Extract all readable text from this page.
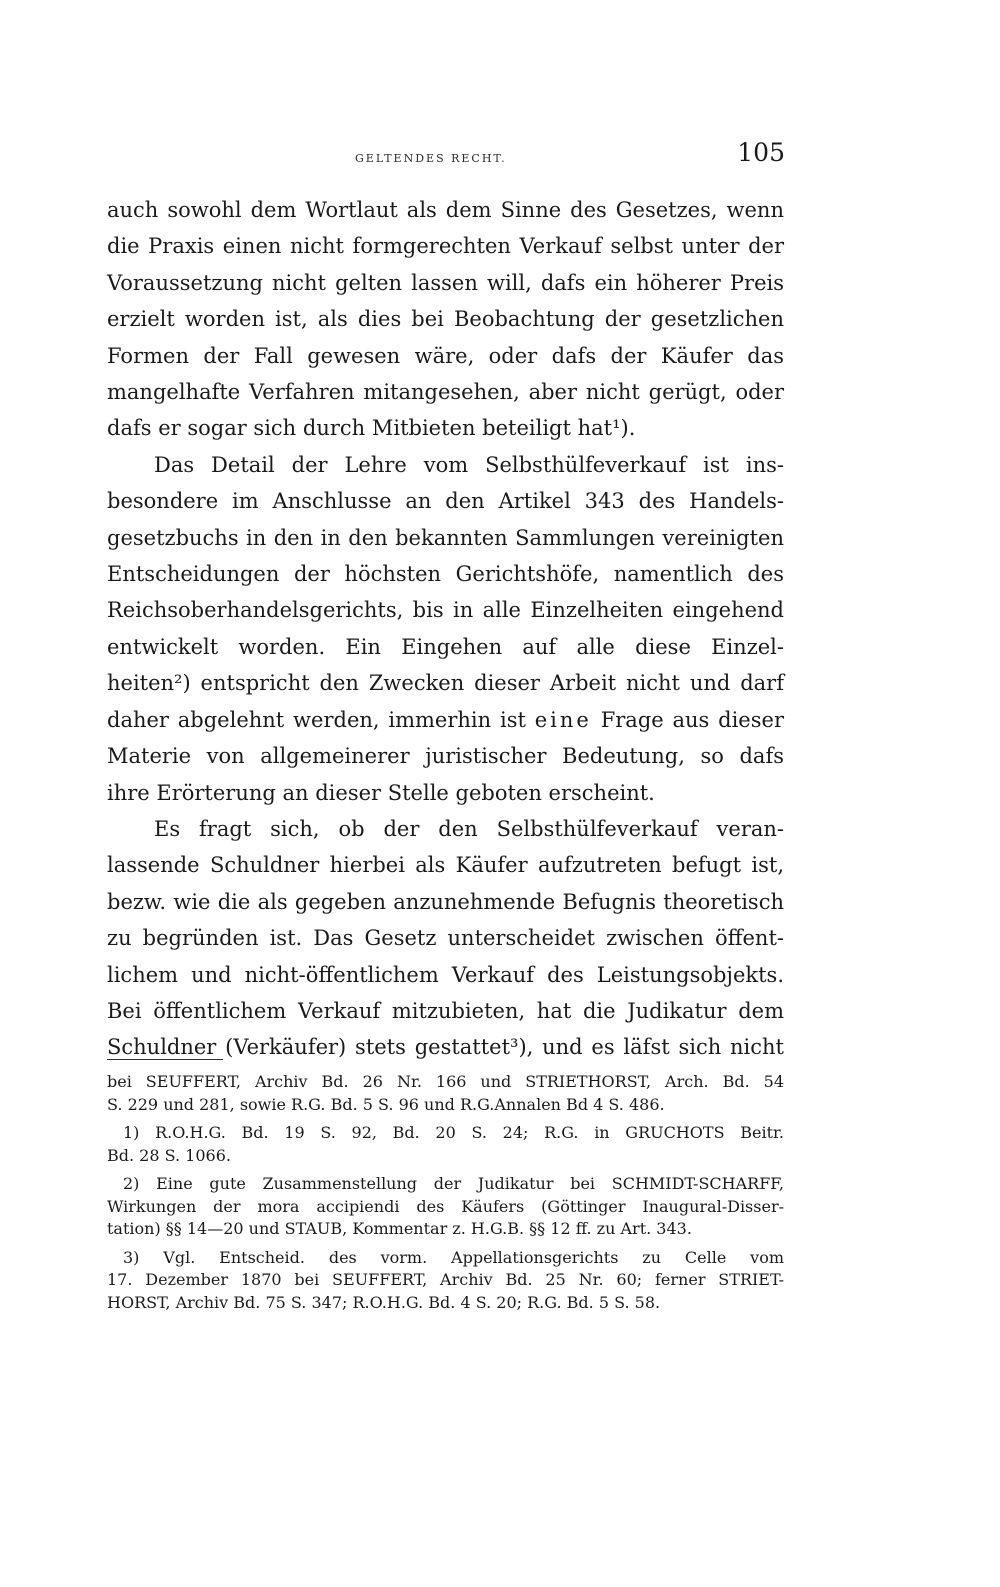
GELTENDES RECHT.	105

auch sowohl dem Wortlaut als dem Sinne des Gesetzes, wenn
die Praxis einen nicht formgerechten Verkauf selbst unter der
Voraussetzung nicht gelten lassen will, dafs ein höherer Preis
erzielt worden ist, als dies bei Beobachtung der gesetzlichen
Formen der Fall gewesen wäre, oder dafs der Käufer das
mangelhafte Verfahren mitangesehen, aber nicht gerügt, oder
dafs er sogar sich durch Mitbieten beteiligt hat¹).

Das Detail der Lehre vom Selbsthülfeverkauf ist ins-
besondere im Anschlusse an den Artikel 343 des Handels-
gesetzbuchs in den in den bekannten Sammlungen vereinigten
Entscheidungen der höchsten Gerichtshöfe, namentlich des
Reichsoberhandelsgerichts, bis in alle Einzelheiten eingehend
entwickelt worden. Ein Eingehen auf alle diese Einzel-
heiten²) entspricht den Zwecken dieser Arbeit nicht und darf
daher abgelehnt werden, immerhin ist eine Frage aus dieser
Materie von allgemeinerer juristischer Bedeutung, so dafs
ihre Erörterung an dieser Stelle geboten erscheint.

Es fragt sich, ob der den Selbsthülfeverkauf veran-
lassende Schuldner hierbei als Käufer aufzutreten befugt ist,
bezw. wie die als gegeben anzunehmende Befugnis theoretisch
zu begründen ist. Das Gesetz unterscheidet zwischen öffent-
lichem und nicht-öffentlichem Verkauf des Leistungsobjekts.
Bei öffentlichem Verkauf mitzubieten, hat die Judikatur dem
Schuldner (Verkäufer) stets gestattet³), und es läfst sich nicht

bei SEUFFERT, Archiv Bd. 26 Nr. 166 und STRIETHORST, Arch. Bd. 54
S. 229 und 281, sowie R.G. Bd. 5 S. 96 und R.G.Annalen Bd 4 S. 486.
1) R.O.H.G. Bd. 19 S. 92, Bd. 20 S. 24; R.G. in GRUCHOTS Beitr.
Bd. 28 S. 1066.
2) Eine gute Zusammenstellung der Judikatur bei SCHMIDT-SCHARFF,
Wirkungen der mora accipiendi des Käufers (Göttinger Inaugural-Disser-
tation) §§ 14—20 und STAUB, Kommentar z. H.G.B. §§ 12 ff. zu Art. 343.
3) Vgl. Entscheid. des vorm. Appellationsgerichts zu Celle vom
17. Dezember 1870 bei SEUFFERT, Archiv Bd. 25 Nr. 60; ferner STRIET-
HORST, Archiv Bd. 75 S. 347; R.O.H.G. Bd. 4 S. 20; R.G. Bd. 5 S. 58.
